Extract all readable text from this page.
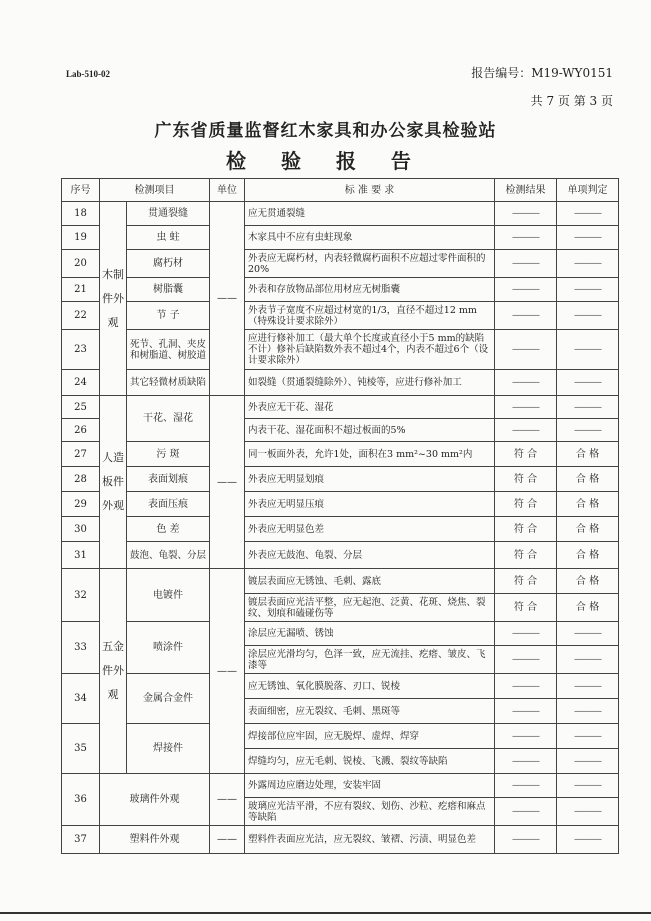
Lab-510-02	报告编号：M19-WY0151
共 7 页 第 3 页
广东省质量监督红木家具和办公家具检验站
检 验 报 告
序号	检测项目		单位	标 准 要 求	检测结果	单项判定
18	木制件外观	贯通裂缝	——	应无贯通裂缝	———	———
19		虫 蛀		木家具中不应有虫蛀现象	———	———
20		腐朽材		外表应无腐朽材，内表轻微腐朽面积不应超过零件面积的20%	———	———
21		树脂囊		外表和存放物品部位用材应无树脂囊	———	———
22		节 子		外表节子宽度不应超过材宽的1/3，直径不超过12 mm（特殊设计要求除外）	———	———
23		死节、孔洞、夹皮和树脂道、树胶道		应进行修补加工（最大单个长度或直径小于5 mm的缺陷不计）修补后缺陷数外表不超过4个，内表不超过6个（设计要求除外）	———	———
24		其它轻微材质缺陷		如裂缝（贯通裂缝除外）、钝棱等，应进行修补加工	———	———
25	人造板件外观	干花、湿花	——	外表应无干花、湿花	———	———
26				内表干花、湿花面积不超过板面的5%	———	———
27		污 斑		同一板面外表，允许1处，面积在3 mm²~30 mm²内	符 合	合 格
28		表面划痕		外表应无明显划痕	符 合	合 格
29		表面压痕		外表应无明显压痕	符 合	合 格
30		色 差		外表应无明显色差	符 合	合 格
31		鼓泡、龟裂、分层		外表应无鼓泡、龟裂、分层	符 合	合 格
32	五金件外观	电镀件	——	镀层表面应无锈蚀、毛刺、露底	符 合	合 格
				镀层表面应光洁平整，应无起泡、泛黄、花斑、烧焦、裂纹、划痕和磕碰伤等	符 合	合 格
33		喷涂件		涂层应无漏喷、锈蚀	———	———
				涂层应光滑均匀，色泽一致，应无流挂、疙瘩、皱皮、飞漆等	———	———
34		金属合金件		应无锈蚀、氧化膜脱落、刃口、锐棱	———	———
				表面细密，应无裂纹、毛刺、黑斑等	———	———
35		焊接件		焊接部位应牢固，应无脱焊、虚焊、焊穿	———	———
				焊缝均匀，应无毛刺、锐棱、飞溅、裂纹等缺陷	———	———
36	玻璃件外观		——	外露周边应磨边处理，安装牢固	———	———
				玻璃应光洁平滑，不应有裂纹、划伤、沙粒、疙瘩和麻点等缺陷	———	———
37	塑料件外观		——	塑料件表面应光洁，应无裂纹、皱褶、污渍、明显色差	———	———
